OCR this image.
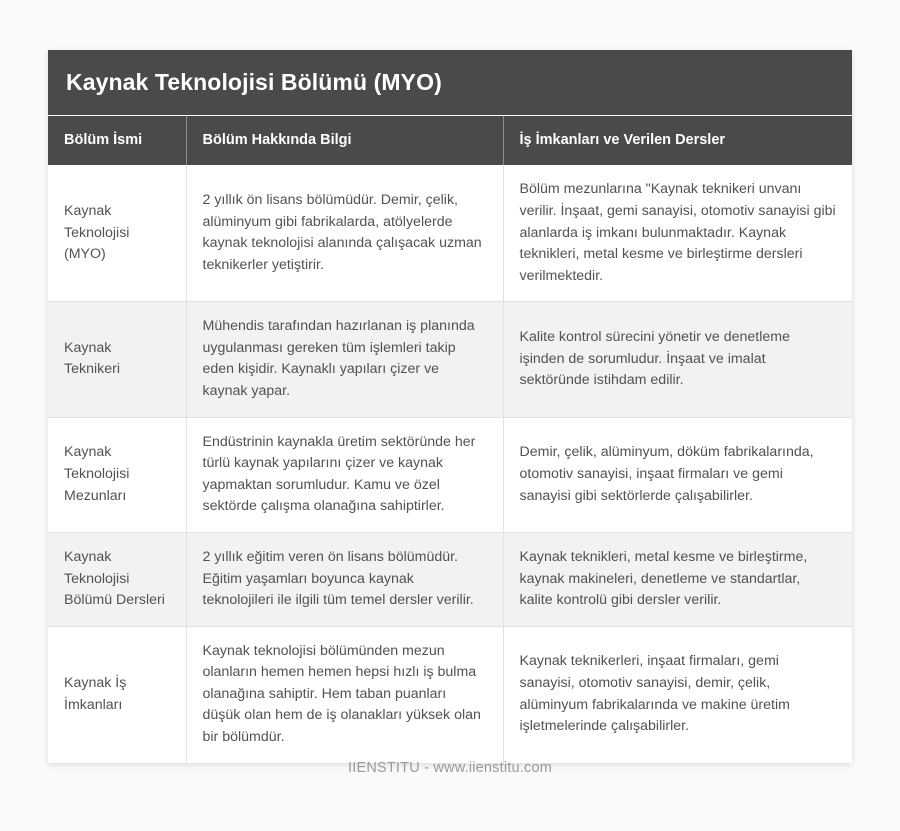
Kaynak Teknolojisi Bölümü (MYO)
Bölüm İsmi	Bölüm Hakkında Bilgi	İş İmkanları ve Verilen Dersler
Kaynak Teknolojisi (MYO)	2 yıllık ön lisans bölümüdür. Demir, çelik, alüminyum gibi fabrikalarda, atölyelerde kaynak teknolojisi alanında çalışacak uzman teknikerler yetiştirir.	Bölüm mezunlarına "Kaynak teknikeri unvanı verilir. İnşaat, gemi sanayisi, otomotiv sanayisi gibi alanlarda iş imkanı bulunmaktadır. Kaynak teknikleri, metal kesme ve birleştirme dersleri verilmektedir.
Kaynak Teknikeri	Mühendis tarafından hazırlanan iş planında uygulanması gereken tüm işlemleri takip eden kişidir. Kaynaklı yapıları çizer ve kaynak yapar.	Kalite kontrol sürecini yönetir ve denetleme işinden de sorumludur. İnşaat ve imalat sektöründe istihdam edilir.
Kaynak Teknolojisi Mezunları	Endüstrinin kaynakla üretim sektöründe her türlü kaynak yapılarını çizer ve kaynak yapmaktan sorumludur. Kamu ve özel sektörde çalışma olanağına sahiptirler.	Demir, çelik, alüminyum, döküm fabrikalarında, otomotiv sanayisi, inşaat firmaları ve gemi sanayisi gibi sektörlerde çalışabilirler.
Kaynak Teknolojisi Bölümü Dersleri	2 yıllık eğitim veren ön lisans bölümüdür. Eğitim yaşamları boyunca kaynak teknolojileri ile ilgili tüm temel dersler verilir.	Kaynak teknikleri, metal kesme ve birleştirme, kaynak makineleri, denetleme ve standartlar, kalite kontrolü gibi dersler verilir.
Kaynak İş İmkanları	Kaynak teknolojisi bölümünden mezun olanların hemen hemen hepsi hızlı iş bulma olanağına sahiptir. Hem taban puanları düşük olan hem de iş olanakları yüksek olan bir bölümdür.	Kaynak teknikerleri, inşaat firmaları, gemi sanayisi, otomotiv sanayisi, demir, çelik, alüminyum fabrikalarında ve makine üretim işletmelerinde çalışabilirler.
IIENSTITU - www.iienstitu.com
